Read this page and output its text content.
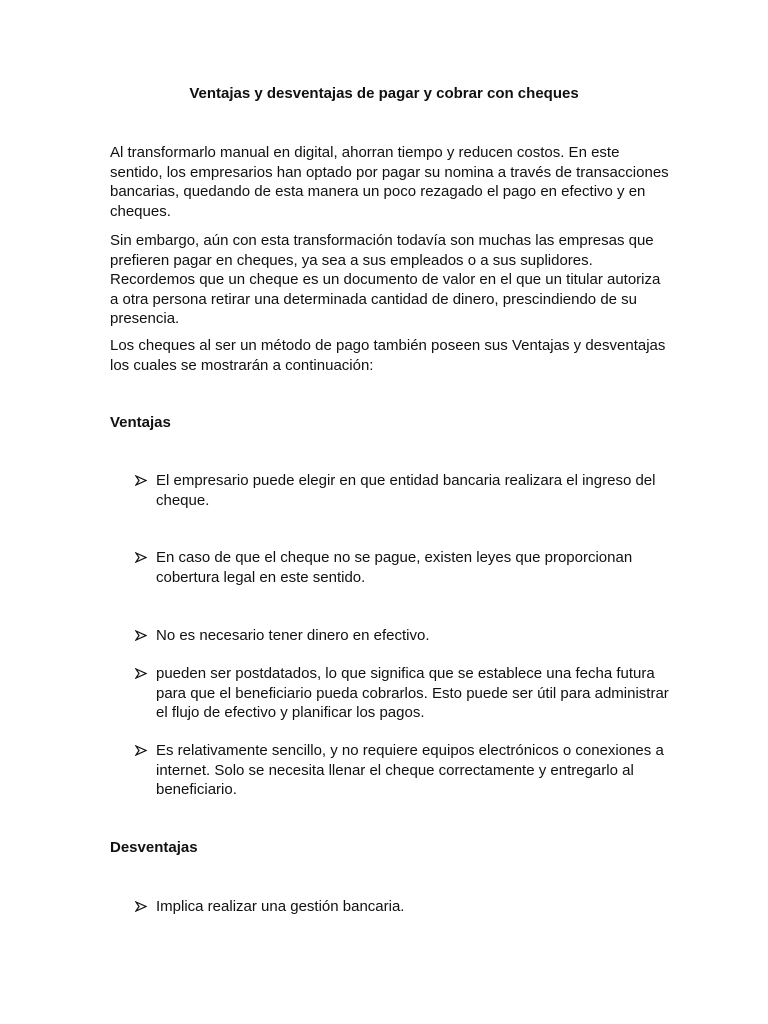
Ventajas y desventajas de pagar y cobrar con cheques

Al transformarlo manual en digital, ahorran tiempo y reducen costos. En este sentido, los empresarios han optado por pagar su nomina a través de transacciones bancarias, quedando de esta manera un poco rezagado el pago en efectivo y en cheques.

Sin embargo, aún con esta transformación todavía son muchas las empresas que prefieren pagar en cheques, ya sea a sus empleados o a sus suplidores. Recordemos que un cheque es un documento de valor en el que un titular autoriza a otra persona retirar una determinada cantidad de dinero, prescindiendo de su presencia.

Los cheques al ser un método de pago también poseen sus Ventajas y desventajas los cuales se mostrarán a continuación:

Ventajas
El empresario puede elegir en que entidad bancaria realizara el ingreso del cheque.
En caso de que el cheque no se pague, existen leyes que proporcionan cobertura legal en este sentido.
No es necesario tener dinero en efectivo.
pueden ser postdatados, lo que significa que se establece una fecha futura para que el beneficiario pueda cobrarlos. Esto puede ser útil para administrar el flujo de efectivo y planificar los pagos.
Es relativamente sencillo, y no requiere equipos electrónicos o conexiones a internet. Solo se necesita llenar el cheque correctamente y entregarlo al beneficiario.
Desventajas
Implica realizar una gestión bancaria.
